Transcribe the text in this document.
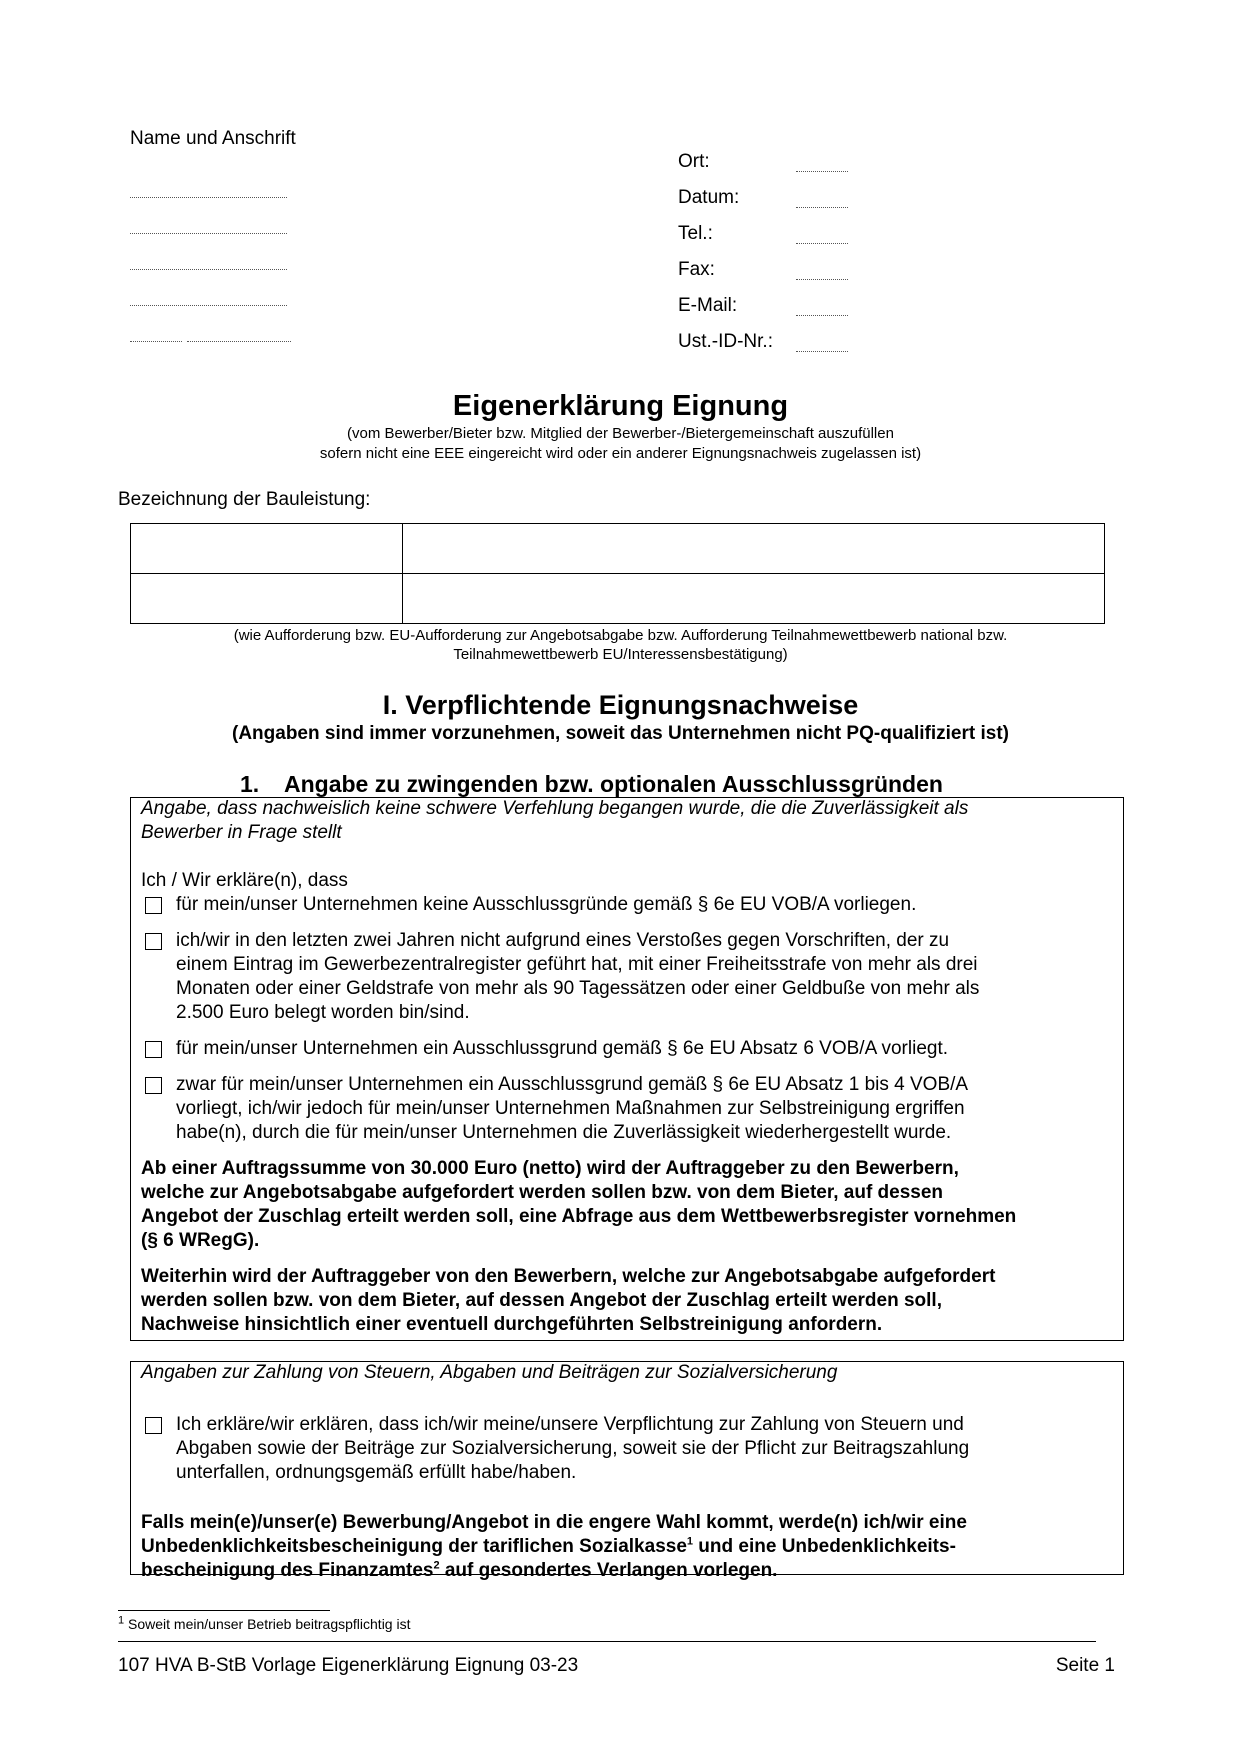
Name und Anschrift
Ort:
Datum:
Tel.:
Fax:
E-Mail:
Ust.-ID-Nr.:
Eigenerklärung Eignung
(vom Bewerber/Bieter bzw. Mitglied der Bewerber-/Bietergemeinschaft auszufüllen
sofern nicht eine EEE eingereicht wird oder ein anderer Eignungsnachweis zugelassen ist)
Bezeichnung der Bauleistung:
(wie Aufforderung bzw. EU-Aufforderung zur Angebotsabgabe bzw. Aufforderung Teilnahmewettbewerb national bzw.
Teilnahmewettbewerb EU/Interessensbestätigung)
I. Verpflichtende Eignungsnachweise
(Angaben sind immer vorzunehmen, soweit das Unternehmen nicht PQ-qualifiziert ist)
1. Angabe zu zwingenden bzw. optionalen Ausschlussgründen
Angabe, dass nachweislich keine schwere Verfehlung begangen wurde, die die Zuverlässigkeit als
Bewerber in Frage stellt
Ich / Wir erkläre(n), dass
für mein/unser Unternehmen keine Ausschlussgründe gemäß § 6e EU VOB/A vorliegen.
ich/wir in den letzten zwei Jahren nicht aufgrund eines Verstoßes gegen Vorschriften, der zu
einem Eintrag im Gewerbezentralregister geführt hat, mit einer Freiheitsstrafe von mehr als drei
Monaten oder einer Geldstrafe von mehr als 90 Tagessätzen oder einer Geldbuße von mehr als
2.500 Euro belegt worden bin/sind.
für mein/unser Unternehmen ein Ausschlussgrund gemäß § 6e EU Absatz 6 VOB/A vorliegt.
zwar für mein/unser Unternehmen ein Ausschlussgrund gemäß § 6e EU Absatz 1 bis 4 VOB/A
vorliegt, ich/wir jedoch für mein/unser Unternehmen Maßnahmen zur Selbstreinigung ergriffen
habe(n), durch die für mein/unser Unternehmen die Zuverlässigkeit wiederhergestellt wurde.
Ab einer Auftragssumme von 30.000 Euro (netto) wird der Auftraggeber zu den Bewerbern,
welche zur Angebotsabgabe aufgefordert werden sollen bzw. von dem Bieter, auf dessen
Angebot der Zuschlag erteilt werden soll, eine Abfrage aus dem Wettbewerbsregister vornehmen
(§ 6 WRegG).
Weiterhin wird der Auftraggeber von den Bewerbern, welche zur Angebotsabgabe aufgefordert
werden sollen bzw. von dem Bieter, auf dessen Angebot der Zuschlag erteilt werden soll,
Nachweise hinsichtlich einer eventuell durchgeführten Selbstreinigung anfordern.
Angaben zur Zahlung von Steuern, Abgaben und Beiträgen zur Sozialversicherung
Ich erkläre/wir erklären, dass ich/wir meine/unsere Verpflichtung zur Zahlung von Steuern und
Abgaben sowie der Beiträge zur Sozialversicherung, soweit sie der Pflicht zur Beitragszahlung
unterfallen, ordnungsgemäß erfüllt habe/haben.
Falls mein(e)/unser(e) Bewerbung/Angebot in die engere Wahl kommt, werde(n) ich/wir eine
Unbedenklichkeitsbescheinigung der tariflichen Sozialkasse$^1$ und eine Unbedenklichkeits-
bescheinigung des Finanzamtes$^2$ auf gesondertes Verlangen vorlegen.
$^1$ Soweit mein/unser Betrieb beitragspflichtig ist
107 HVA B-StB Vorlage Eigenerklärung Eignung 03-23	Seite 1
